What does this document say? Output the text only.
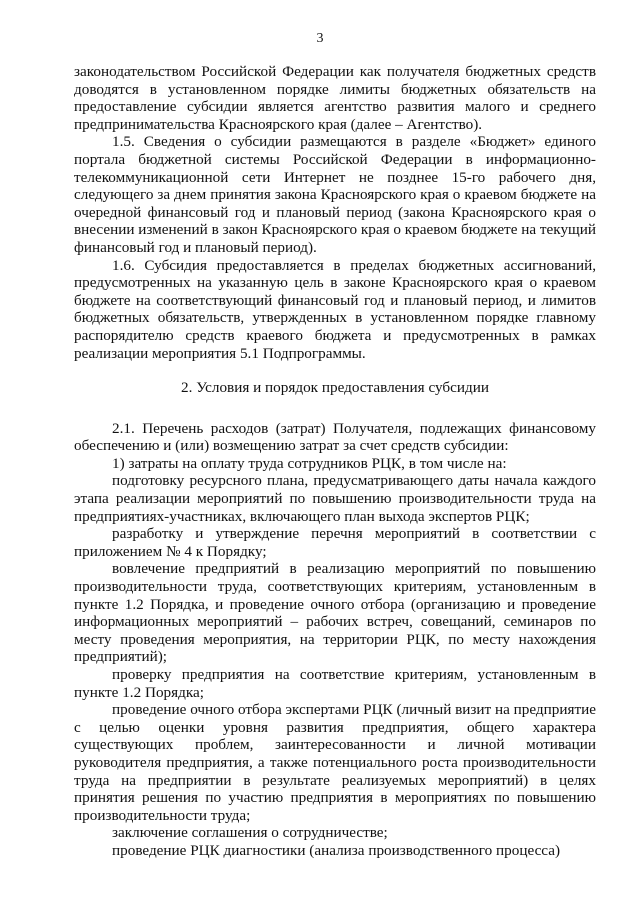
3
законодательством Российской Федерации как получателя бюджетных средств доводятся в установленном порядке лимиты бюджетных обязательств на предоставление субсидии является агентство развития малого и среднего предпринимательства Красноярского края (далее – Агентство).
1.5. Сведения о субсидии размещаются в разделе «Бюджет» единого портала бюджетной системы Российской Федерации в информационно-телекоммуникационной сети Интернет не позднее 15-го рабочего дня, следующего за днем принятия закона Красноярского края о краевом бюджете на очередной финансовый год и плановый период (закона Красноярского края о внесении изменений в закон Красноярского края о краевом бюджете на текущий финансовый год и плановый период).
1.6. Субсидия предоставляется в пределах бюджетных ассигнований, предусмотренных на указанную цель в законе Красноярского края о краевом бюджете на соответствующий финансовый год и плановый период, и лимитов бюджетных обязательств, утвержденных в установленном порядке главному распорядителю средств краевого бюджета и предусмотренных в рамках реализации мероприятия 5.1 Подпрограммы.
2. Условия и порядок предоставления субсидии
2.1. Перечень расходов (затрат) Получателя, подлежащих финансовому обеспечению и (или) возмещению затрат за счет средств субсидии:
1) затраты на оплату труда сотрудников РЦК, в том числе на:
подготовку ресурсного плана, предусматривающего даты начала каждого этапа реализации мероприятий по повышению производительности труда на предприятиях-участниках, включающего план выхода экспертов РЦК;
разработку и утверждение перечня мероприятий в соответствии с приложением № 4 к Порядку;
вовлечение предприятий в реализацию мероприятий по повышению производительности труда, соответствующих критериям, установленным в пункте 1.2 Порядка, и проведение очного отбора (организацию и проведение информационных мероприятий – рабочих встреч, совещаний, семинаров по месту проведения мероприятия, на территории РЦК, по месту нахождения предприятий);
проверку предприятия на соответствие критериям, установленным в пункте 1.2 Порядка;
проведение очного отбора экспертами РЦК (личный визит на предприятие с целью оценки уровня развития предприятия, общего характера существующих проблем, заинтересованности и личной мотивации руководителя предприятия, а также потенциального роста производительности труда на предприятии в результате реализуемых мероприятий) в целях принятия решения по участию предприятия в мероприятиях по повышению производительности труда;
заключение соглашения о сотрудничестве;
проведение РЦК диагностики (анализа производственного процесса)
